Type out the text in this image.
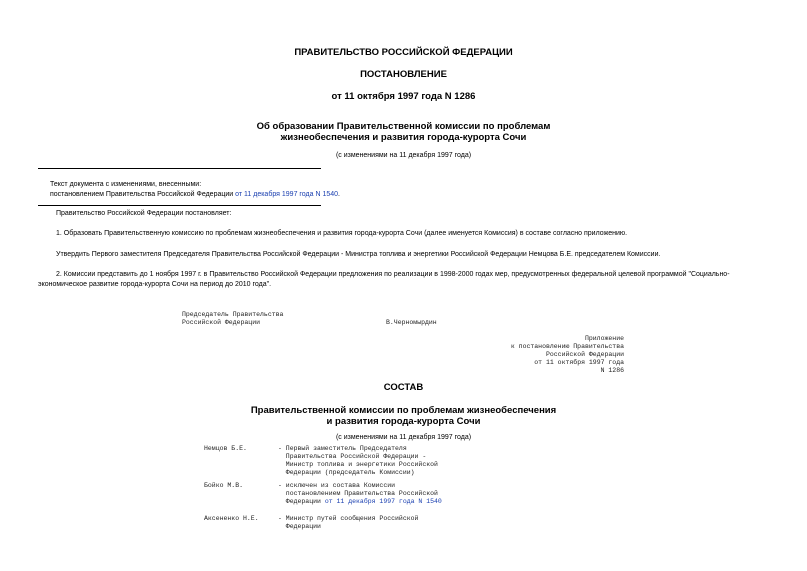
ПРАВИТЕЛЬСТВО РОССИЙСКОЙ ФЕДЕРАЦИИ
ПОСТАНОВЛЕНИЕ
от 11 октября 1997 года N 1286
Об образовании Правительственной комиссии по проблемам
жизнеобеспечения и развития города-курорта Сочи
(с изменениями на 11 декабря 1997 года)
Текст документа с изменениями, внесенными:
постановлением Правительства Российской Федерации от 11 декабря 1997 года N 1540.
Правительство Российской Федерации постановляет:
1. Образовать Правительственную комиссию по проблемам жизнеобеспечения и развития города-курорта Сочи (далее именуется Комиссия) в составе согласно приложению.
Утвердить Первого заместителя Председателя Правительства Российской Федерации - Министра топлива и энергетики Российской Федерации Немцова Б.Е. председателем Комиссии.
2. Комиссии представить до 1 ноября 1997 г. в Правительство Российской Федерации предложения по реализации в 1998-2000 годах мер, предусмотренных федеральной целевой программой "Социально-
экономическое развитие города-курорта Сочи на период до 2010 года".
Председатель Правительства
Российской Федерации	В.Черномырдин
Приложение
к постановлению Правительства
Российской Федерации
от 11 октября 1997 года
N 1286
СОСТАВ
Правительственной комиссии по проблемам жизнеобеспечения
и развития города-курорта Сочи
(с изменениями на 11 декабря 1997 года)
Немцов Б.Е.	- Первый заместитель Председателя
Правительства Российской Федерации -
Министр топлива и энергетики Российской
Федерации (председатель Комиссии)
Бойко М.В.	- исключен из состава Комиссии
постановлением Правительства Российской
Федерации от 11 декабря 1997 года N 1540
Аксененко Н.Е.	- Министр путей сообщения Российской
Федерации
